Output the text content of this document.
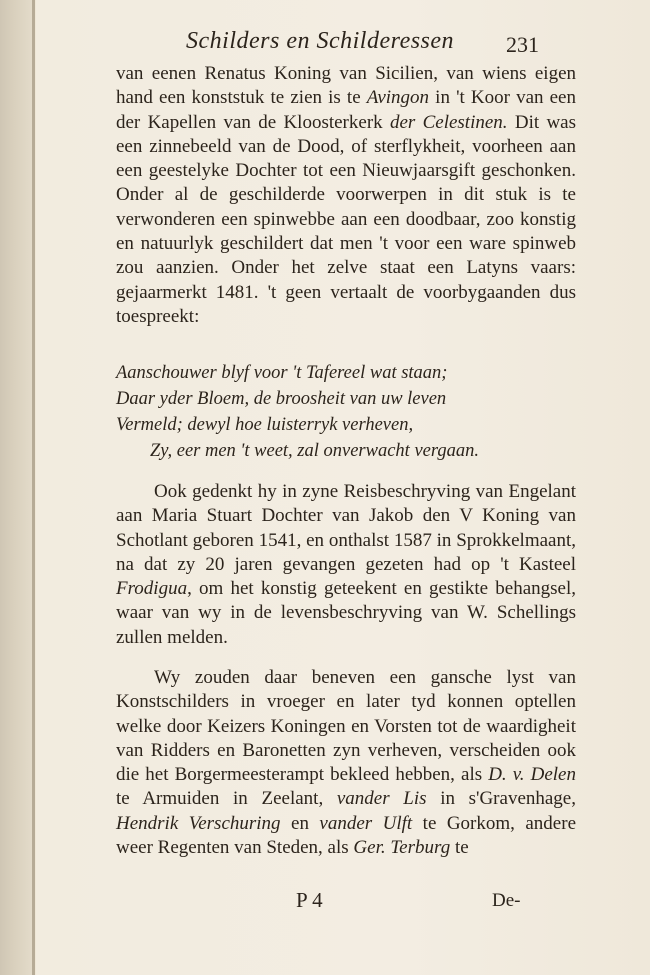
Schilders en Schilderessen 231

van eenen Renatus Koning van Sicilien, van wiens eigen hand een konststuk te zien is te Avingon in 't Koor van een der Kapellen van de Kloosterkerk der Celestinen. Dit was een zinnebeeld van de Dood, of sterflykheit, voorheen aan een geestelyke Dochter tot een Nieuwjaarsgift geschonken. Onder al de geschilderde voorwerpen in dit stuk is te verwonderen een spinwebbe aan een doodbaar, zoo konstig en natuurlyk geschildert dat men 't voor een ware spinweb zou aanzien. Onder het zelve staat een Latyns vaars: gejaarmerkt 1481. 't geen vertaalt de voorbygaanden dus toespreekt:

Aanschouwer blyf voor 't Tafereel wat staan;
Daar yder Bloem, de broosheit van uw leven
Vermeld; dewyl hoe luisterryk verheven,
Zy, eer men 't weet, zal onverwacht vergaan.

Ook gedenkt hy in zyne Reisbeschryving van Engelant aan Maria Stuart Dochter van Jakob den V Koning van Schotlant geboren 1541, en onthalst 1587 in Sprokkelmaant, na dat zy 20 jaren gevangen gezeten had op 't Kasteel Frodigua, om het konstig geteekent en gestikte behangsel, waar van wy in de levensbeschryving van W. Schellings zullen melden.

Wy zouden daar beneven een gansche lyst van Konstschilders in vroeger en later tyd konnen optellen welke door Keizers Koningen en Vorsten tot de waardigheit van Ridders en Baronetten zyn verheven, verscheiden ook die het Borgermeesterampt bekleed hebben, als D. v. Delen te Armuiden in Zeelant, vander Lis in s'Gravenhage, Hendrik Verschuring en vander Ulft te Gorkom, andere weer Regenten van Steden, als Ger. Terburg te

P 4	De-
